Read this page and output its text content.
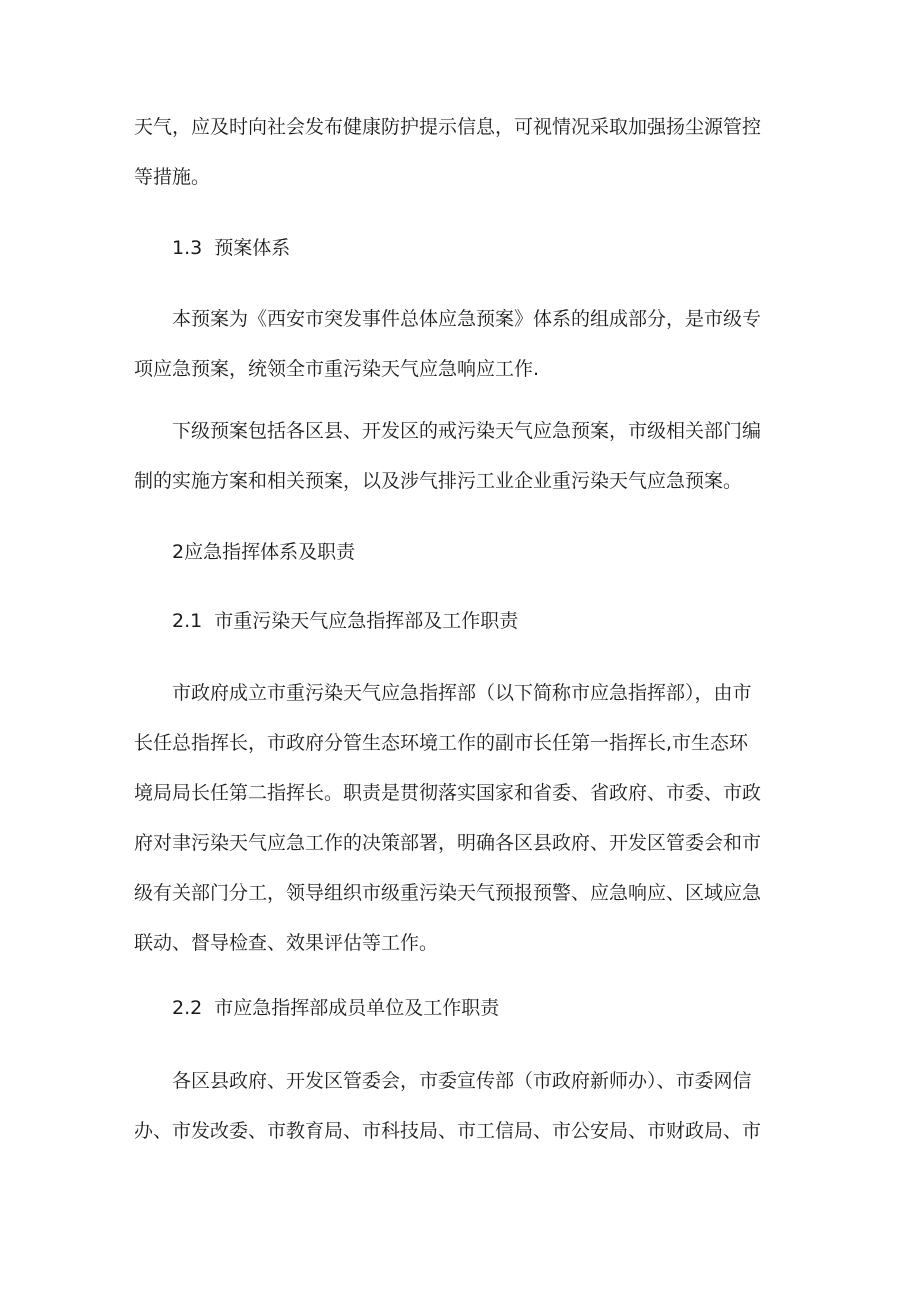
天气，应及时向社会发布健康防护提示信息，可视情况采取加强扬尘源管控
等措施。
1.3 预案体系
本预案为《西安市突发事件总体应急预案》体系的组成部分，是市级专
项应急预案，统领全市重污染天气应急响应工作.
下级预案包括各区县、开发区的戒污染天气应急预案，市级相关部门编
制的实施方案和相关预案，以及涉气排污工业企业重污染天气应急预案。
2应急指挥体系及职责
2.1 市重污染天气应急指挥部及工作职责
市政府成立市重污染天气应急指挥部（以下简称市应急指挥部），由市
长任总指挥长，市政府分管生态环境工作的副市长任第一指挥长,市生态环
境局局长任第二指挥长。职责是贯彻落实国家和省委、省政府、市委、市政
府对聿污染天气应急工作的决策部署，明确各区县政府、开发区管委会和市
级有关部门分工，领导组织市级重污染天气预报预警、应急响应、区域应急
联动、督导检查、效果评估等工作。
2.2 市应急指挥部成员单位及工作职责
各区县政府、开发区管委会，市委宣传部（市政府新师办）、市委网信
办、市发改委、市教育局、市科技局、市工信局、市公安局、市财政局、市
